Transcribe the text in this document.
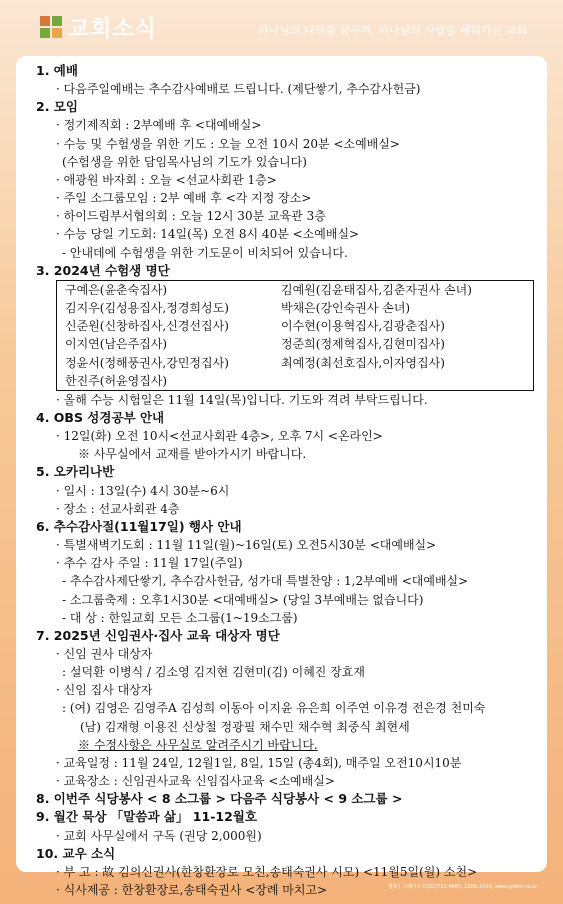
교회소식	하나님의 나라를 꿈꾸며, 하나님의 사람을 세워가는 교회
1. 예배
· 다음주일예배는 추수감사예배로 드립니다. (제단쌓기, 추수감사헌금)
2. 모임
· 정기제직회 : 2부예배 후 <대예배실>
· 수능 및 수험생을 위한 기도 : 오늘 오전 10시 20분 <소예배실>
(수험생을 위한 담임목사님의 기도가 있습니다)
· 애광원 바자회 : 오늘 <선교사회관 1층>
· 주일 소그룹모임 : 2부 예배 후 <각 지정 장소>
· 하이드림부서협의회 : 오늘 12시 30분 교육관 3층
· 수능 당일 기도회: 14일(목) 오전 8시 40분 <소예배실>
- 안내데에 수험생을 위한 기도문이 비치되어 있습니다.
3. 2024년 수험생 명단
구예은(윤춘숙집사)	김예원(김윤태집사,김춘자권사 손녀)
김지우(김성용집사,정경희성도)	박채은(강인숙권사 손녀)
신준원(신창하집사,신경선집사)	이수현(이용혁집사,김광춘집사)
이지연(남은주집사)	정준희(정제혁집사,김현미집사)
정윤서(정해풍권사,강민정집사)	최예정(최선호집사,이자영집사)
한진주(허윤영집사)
· 올해 수능 시험일은 11월 14일(목)입니다. 기도와 격려 부탁드립니다.
4. OBS 성경공부 안내
· 12일(화) 오전 10시<선교사회관 4층>, 오후 7시 <온라인>
※ 사무실에서 교재를 받아가시기 바랍니다.
5. 오카리나반
· 일시 : 13일(수) 4시 30분~6시
· 장소 : 선교사회관 4층
6. 추수감사절(11월17일) 행사 안내
· 특별새벽기도회 : 11월 11일(월)~16일(토) 오전5시30분 <대예배실>
· 추수 감사 주일 : 11월 17일(주일)
- 추수감사제단쌓기, 추수감사헌금, 성가대 특별찬양 : 1,2부예배 <대예배실>
- 소그룹축제 : 오후1시30분 <대예배실> (당일 3부예배는 없습니다)
- 대 상 : 한일교회 모든 소그룹(1~19소그룹)
7. 2025년 신임권사·집사 교육 대상자 명단
· 신임 권사 대상자
: 설덕환 이병식 / 김소영 김지현 김현미(김) 이혜진 장효재
· 신임 집사 대상자
: (여) 김영은 김영주A 김성희 이동아 이지윤 유은희 이주연 이유경 전은경 천미숙
(남) 김재형 이용진 신상철 정광필 채수민 채수혁 최중식 최현세
※ 수정사항은 사무실로 알려주시기 바랍니다.
· 교육일정 : 11월 24일, 12월1일, 8일, 15일 (총4회), 매주일 오전10시10분
· 교육장소 : 신임권사교육 신임집사교육 <소예배실>
8. 이번주 식당봉사 < 8 소그룹 > 다음주 식당봉사 < 9 소그룹 >
9. 월간 묵상 「말씀과 삶」 11-12월호
· 교회 사무실에서 구독 (권당 2,000원)
10. 교우 소식
· 부 고 : 故 김의신권사(한창환장로 모친,송태숙권사 시모) <11월5일(월) 소천>
· 식사제공 : 한창환장로,송태숙권사 <장례 마치고>	제작 | 그레이스 D(02)712-4667, 2265-2420, www.grafm.co.kr
